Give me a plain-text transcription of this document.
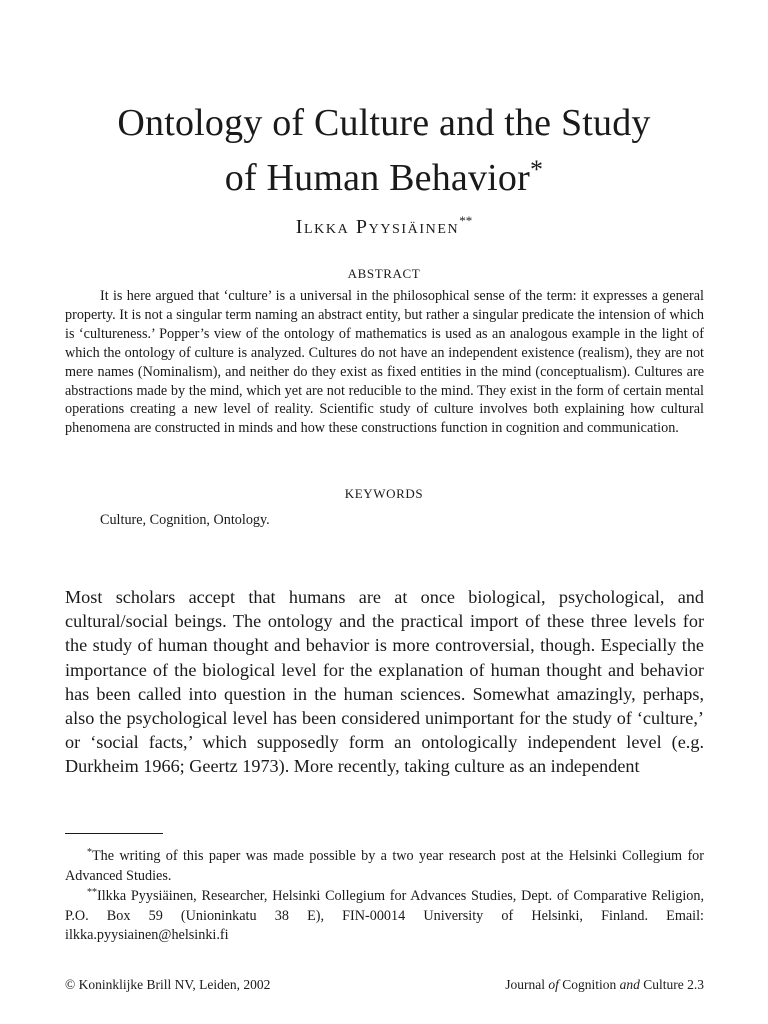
Ontology of Culture and the Study
of Human Behavior*
Ilkka Pyysiäinen**
ABSTRACT

It is here argued that ‘culture’ is a universal in the philosophical sense of the term: it expresses a general property. It is not a singular term naming an abstract entity, but rather a singular predicate the intension of which is ‘cultureness.’ Popper’s view of the ontology of mathematics is used as an analogous example in the light of which the ontology of culture is analyzed. Cultures do not have an independent existence (realism), they are not mere names (Nominalism), and neither do they exist as fixed entities in the mind (conceptualism). Cultures are abstractions made by the mind, which yet are not reducible to the mind. They exist in the form of certain mental operations creating a new level of reality. Scientific study of culture involves both explaining how cultural phenomena are constructed in minds and how these constructions function in cognition and communication.

KEYWORDS

Culture, Cognition, Ontology.

Most scholars accept that humans are at once biological, psychological, and cultural/social beings. The ontology and the practical import of these three levels for the study of human thought and behavior is more controversial, though. Especially the importance of the biological level for the explanation of human thought and behavior has been called into question in the human sciences. Somewhat amazingly, perhaps, also the psychological level has been considered unimportant for the study of ‘culture,’ or ‘social facts,’ which supposedly form an ontologically independent level (e.g. Durkheim 1966; Geertz 1973). More recently, taking culture as an independent

*The writing of this paper was made possible by a two year research post at the Helsinki Collegium for Advanced Studies.

**Ilkka Pyysiäinen, Researcher, Helsinki Collegium for Advances Studies, Dept. of Comparative Religion, P.O. Box 59 (Unioninkatu 38 E), FIN-00014 University of Helsinki, Finland. Email: ilkka.pyysiainen@helsinki.fi

© Koninklijke Brill NV, Leiden, 2002	Journal of Cognition and Culture 2.3
